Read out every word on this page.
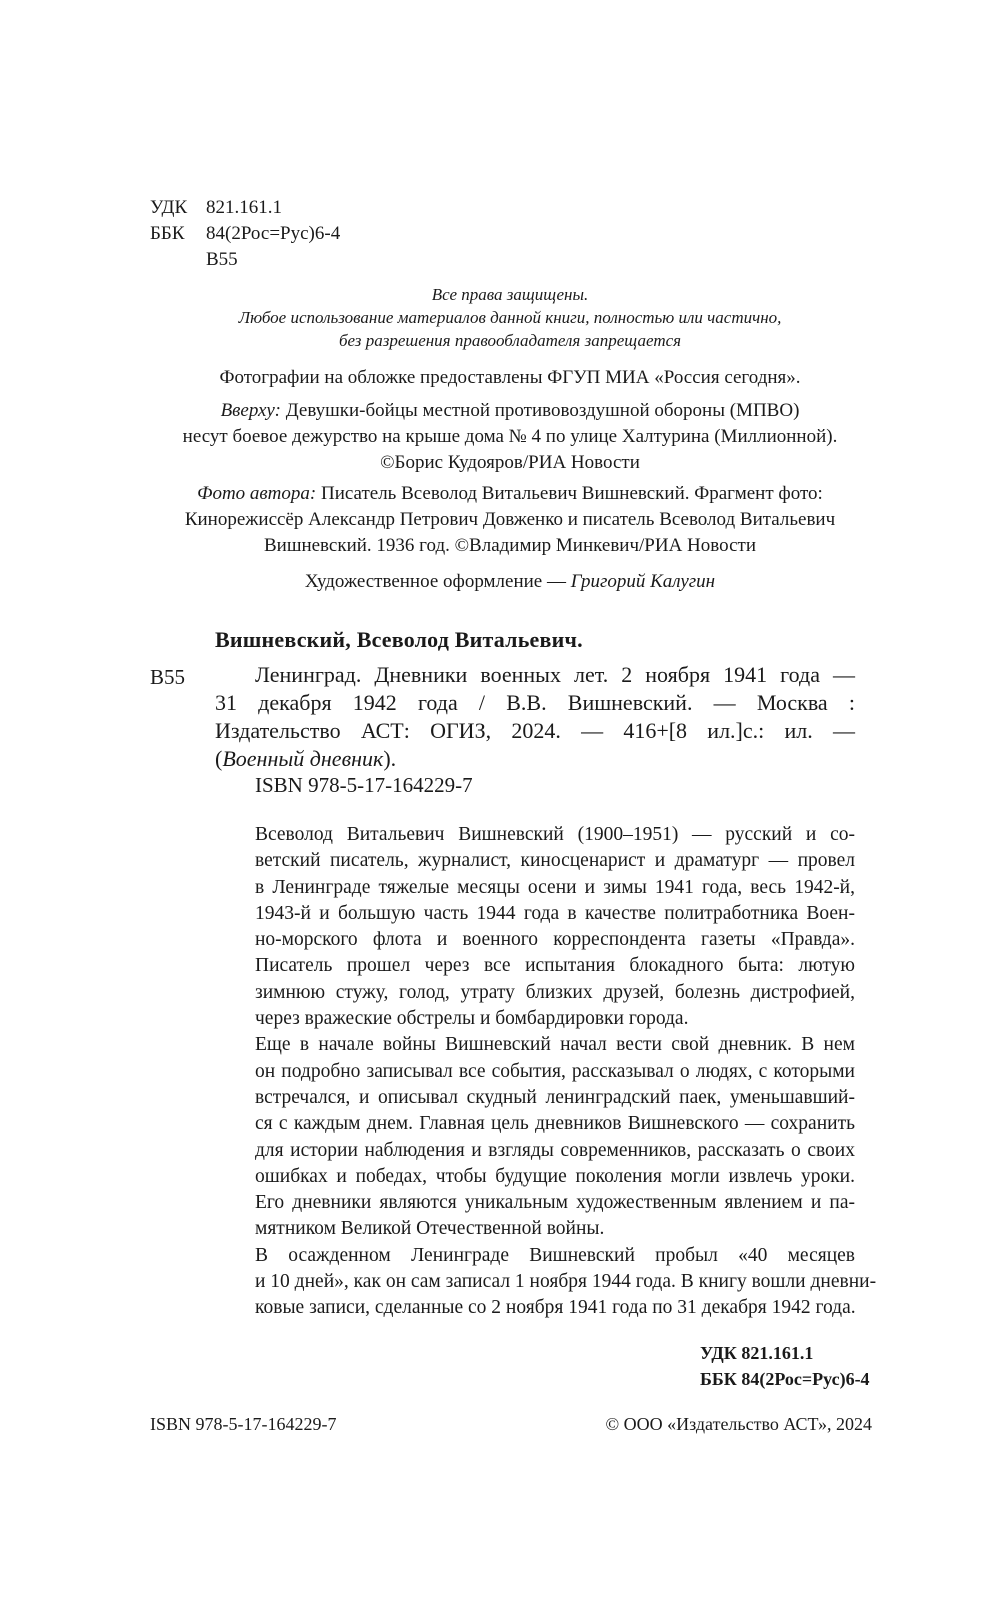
УДК 821.161.1
ББК	84(2Рос=Рус)6-4
В55
Все права защищены.
Любое использование материалов данной книги, полностью или частично,
без разрешения правообладателя запрещается
Фотографии на обложке предоставлены ФГУП МИА «Россия сегодня».
Вверху: Девушки-бойцы местной противовоздушной обороны (МПВО)
несут боевое дежурство на крыше дома № 4 по улице Халтурина (Миллионной).
©Борис Кудояров/РИА Новости
Фото автора: Писатель Всеволод Витальевич Вишневский. Фрагмент фото:
Кинорежиссёр Александр Петрович Довженко и писатель Всеволод Витальевич
Вишневский. 1936 год. ©Владимир Минкевич/РИА Новости
Художественное оформление — Григорий Калугин
Вишневский, Всеволод Витальевич.
В55	Ленинград. Дневники военных лет. 2 ноября 1941 года —
31 декабря 1942 года / В.В. Вишневский. — Москва :
Издательство АСТ: ОГИЗ, 2024. — 416+[8 ил.]с.: ил. —
(Военный дневник).
ISBN 978-5-17-164229-7

Всеволод Витальевич Вишневский (1900–1951) — русский и со-
ветский писатель, журналист, киносценарист и драматург — провел
в Ленинграде тяжелые месяцы осени и зимы 1941 года, весь 1942-й,
1943-й и большую часть 1944 года в качестве политработника Воен-
но-морского флота и военного корреспондента газеты «Правда».
Писатель прошел через все испытания блокадного быта: лютую
зимнюю стужу, голод, утрату близких друзей, болезнь дистрофией,
через вражеские обстрелы и бомбардировки города.

Еще в начале войны Вишневский начал вести свой дневник. В нем
он подробно записывал все события, рассказывал о людях, с которыми
встречался, и описывал скудный ленинградский паек, уменьшавший-
ся с каждым днем. Главная цель дневников Вишневского — сохранить
для истории наблюдения и взгляды современников, рассказать о своих
ошибках и победах, чтобы будущие поколения могли извлечь уроки.
Его дневники являются уникальным художественным явлением и па-
мятником Великой Отечественной войны.

В осажденном Ленинграде Вишневский пробыл «40 месяцев
и 10 дней», как он сам записал 1 ноября 1944 года. В книгу вошли дневни-
ковые записи, сделанные со 2 ноября 1941 года по 31 декабря 1942 года.

УДК 821.161.1
ББК 84(2Рос=Рус)6-4
ISBN 978-5-17-164229-7	© ООО «Издательство АСТ», 2024
